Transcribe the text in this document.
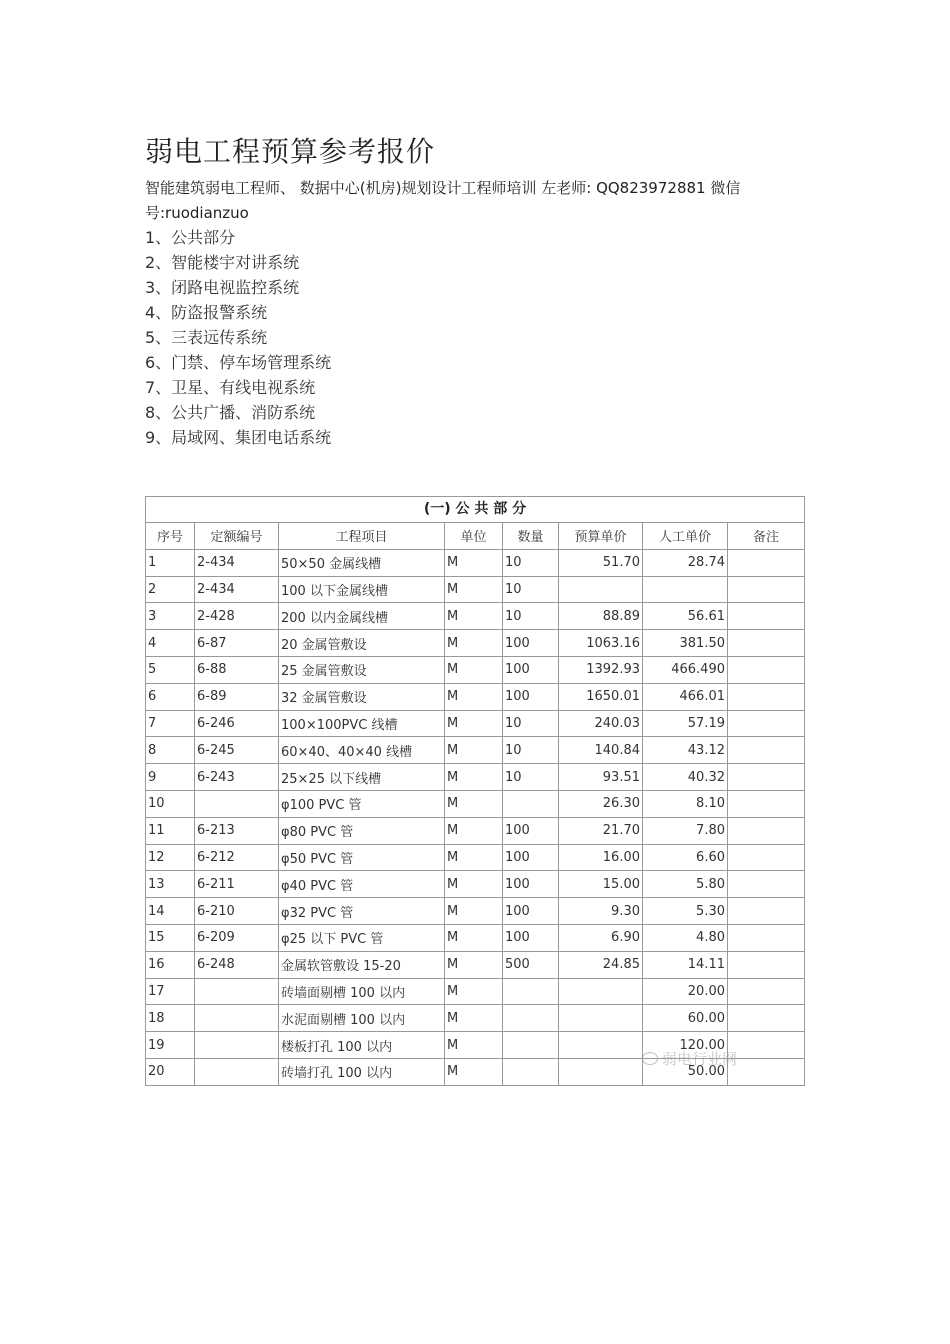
弱电工程预算参考报价
智能建筑弱电工程师、 数据中心(机房)规划设计工程师培训 左老师: QQ823972881 微信号:ruodianzuo
1、公共部分
2、智能楼宇对讲系统
3、闭路电视监控系统
4、防盗报警系统
5、三表远传系统
6、门禁、停车场管理系统
7、卫星、有线电视系统
8、公共广播、消防系统
9、局域网、集团电话系统
(一) 公 共 部 分
序号	定额编号	工程项目	单位	数量	预算单价	人工单价	备注
1	2-434	50×50 金属线槽	M	10	51.70	28.74	
2	2-434	100 以下金属线槽	M	10			
3	2-428	200 以内金属线槽	M	10	88.89	56.61	
4	6-87	20 金属管敷设	M	100	1063.16	381.50	
5	6-88	25 金属管敷设	M	100	1392.93	466.490	
6	6-89	32 金属管敷设	M	100	1650.01	466.01	
7	6-246	100×100PVC 线槽	M	10	240.03	57.19	
8	6-245	60×40、40×40 线槽	M	10	140.84	43.12	
9	6-243	25×25 以下线槽	M	10	93.51	40.32	
10		φ100 PVC 管	M		26.30	8.10	
11	6-213	φ80 PVC 管	M	100	21.70	7.80	
12	6-212	φ50 PVC 管	M	100	16.00	6.60	
13	6-211	φ40 PVC 管	M	100	15.00	5.80	
14	6-210	φ32 PVC 管	M	100	9.30	5.30	
15	6-209	φ25 以下 PVC 管	M	100	6.90	4.80	
16	6-248	金属软管敷设 15-20	M	500	24.85	14.11	
17		砖墙面剔槽 100 以内	M			20.00	
18		水泥面剔槽 100 以内	M			60.00	
19		楼板打孔 100 以内	M			120.00	
20		砖墙打孔 100 以内	M			50.00	
弱电行业网
